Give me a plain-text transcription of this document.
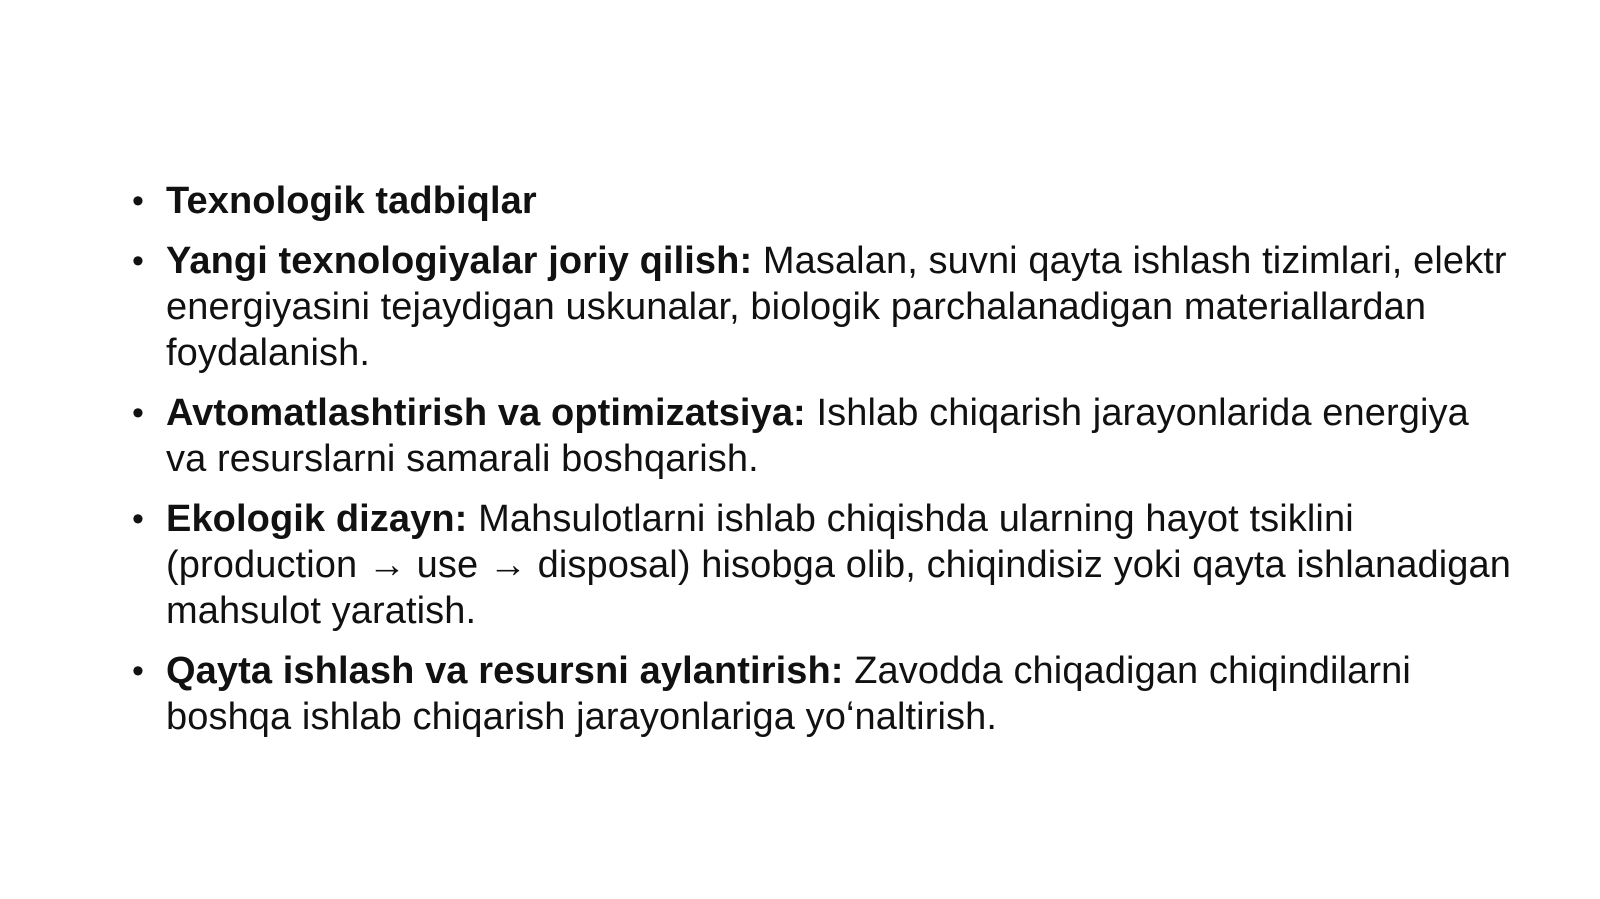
• Texnologik tadbiqlar
• Yangi texnologiyalar joriy qilish: Masalan, suvni qayta ishlash tizimlari, elektr energiyasini tejaydigan uskunalar, biologik parchalanadigan materiallardan foydalanish.
• Avtomatlashtirish va optimizatsiya: Ishlab chiqarish jarayonlarida energiya va resurslarni samarali boshqarish.
• Ekologik dizayn: Mahsulotlarni ishlab chiqishda ularning hayot tsiklini (production → use → disposal) hisobga olib, chiqindisiz yoki qayta ishlanadigan mahsulot yaratish.
• Qayta ishlash va resursni aylantirish: Zavodda chiqadigan chiqindilarni boshqa ishlab chiqarish jarayonlariga yoʻnaltirish.
